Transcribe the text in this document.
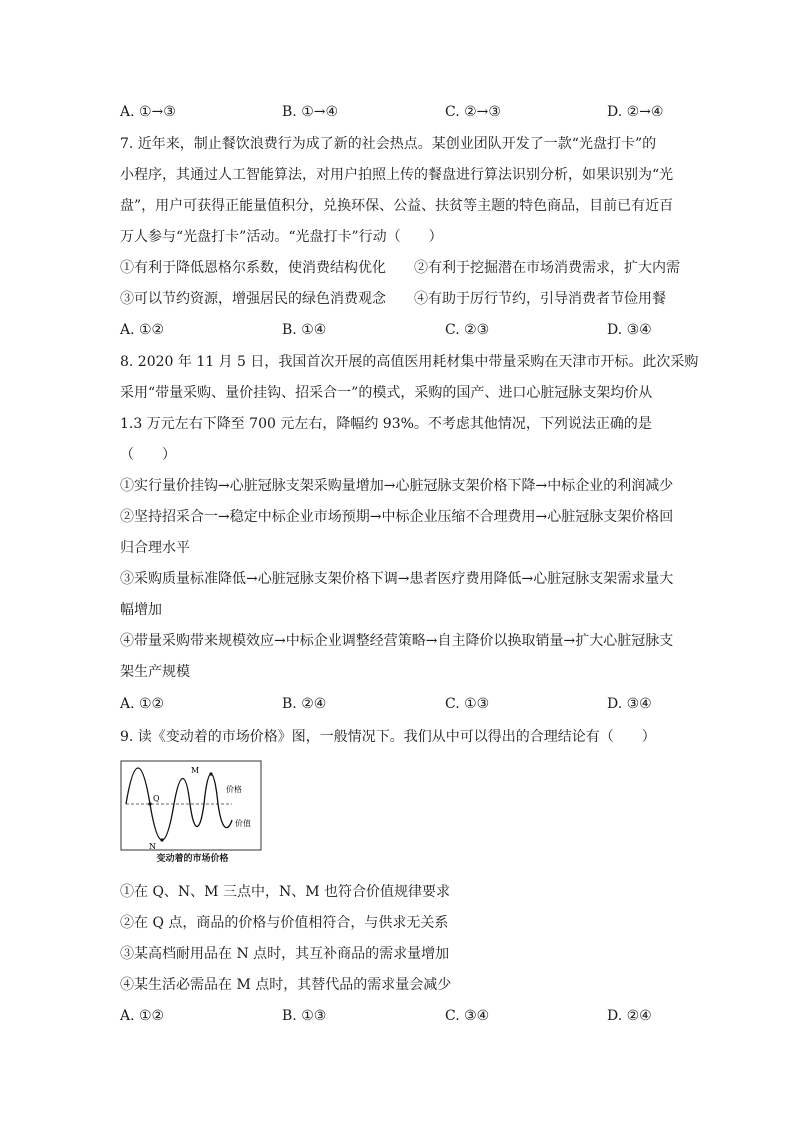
A. ①→③	B. ①→④	C. ②→③	D. ②→④
7. 近年来，制止餐饮浪费行为成了新的社会热点。某创业团队开发了一款“光盘打卡”的
小程序，其通过人工智能算法，对用户拍照上传的餐盘进行算法识别分析，如果识别为“光
盘”，用户可获得正能量值积分，兑换环保、公益、扶贫等主题的特色商品，目前已有近百
万人参与“光盘打卡”活动。“光盘打卡”行动（　　）
①有利于降低恩格尔系数，使消费结构优化　　②有利于挖掘潜在市场消费需求，扩大内需
③可以节约资源，增强居民的绿色消费观念　　④有助于厉行节约，引导消费者节俭用餐
A. ①②	B. ①④	C. ②③	D. ③④
8. 2020 年 11 月 5 日，我国首次开展的高值医用耗材集中带量采购在天津市开标。此次采购
采用“带量采购、量价挂钩、招采合一”的模式，采购的国产、进口心脏冠脉支架均价从
1.3 万元左右下降至 700 元左右，降幅约 93%。不考虑其他情况，下列说法正确的是
（　　）
①实行量价挂钩→心脏冠脉支架采购量增加→心脏冠脉支架价格下降→中标企业的利润减少
②坚持招采合一→稳定中标企业市场预期→中标企业压缩不合理费用→心脏冠脉支架价格回
归合理水平
③采购质量标准降低→心脏冠脉支架价格下调→患者医疗费用降低→心脏冠脉支架需求量大
幅增加
④带量采购带来规模效应→中标企业调整经营策略→自主降价以换取销量→扩大心脏冠脉支
架生产规模
A. ①②	B. ②④	C. ①③	D. ③④
9. 读《变动着的市场价格》图，一般情况下。我们从中可以得出的合理结论有（　　）
Q
N
M
价格
价值
变动着的市场价格
①在 Q、N、M 三点中，N、M 也符合价值规律要求
②在 Q 点，商品的价格与价值相符合，与供求无关系
③某高档耐用品在 N 点时，其互补商品的需求量增加
④某生活必需品在 M 点时，其替代品的需求量会减少
A. ①②	B. ①③	C. ③④	D. ②④
